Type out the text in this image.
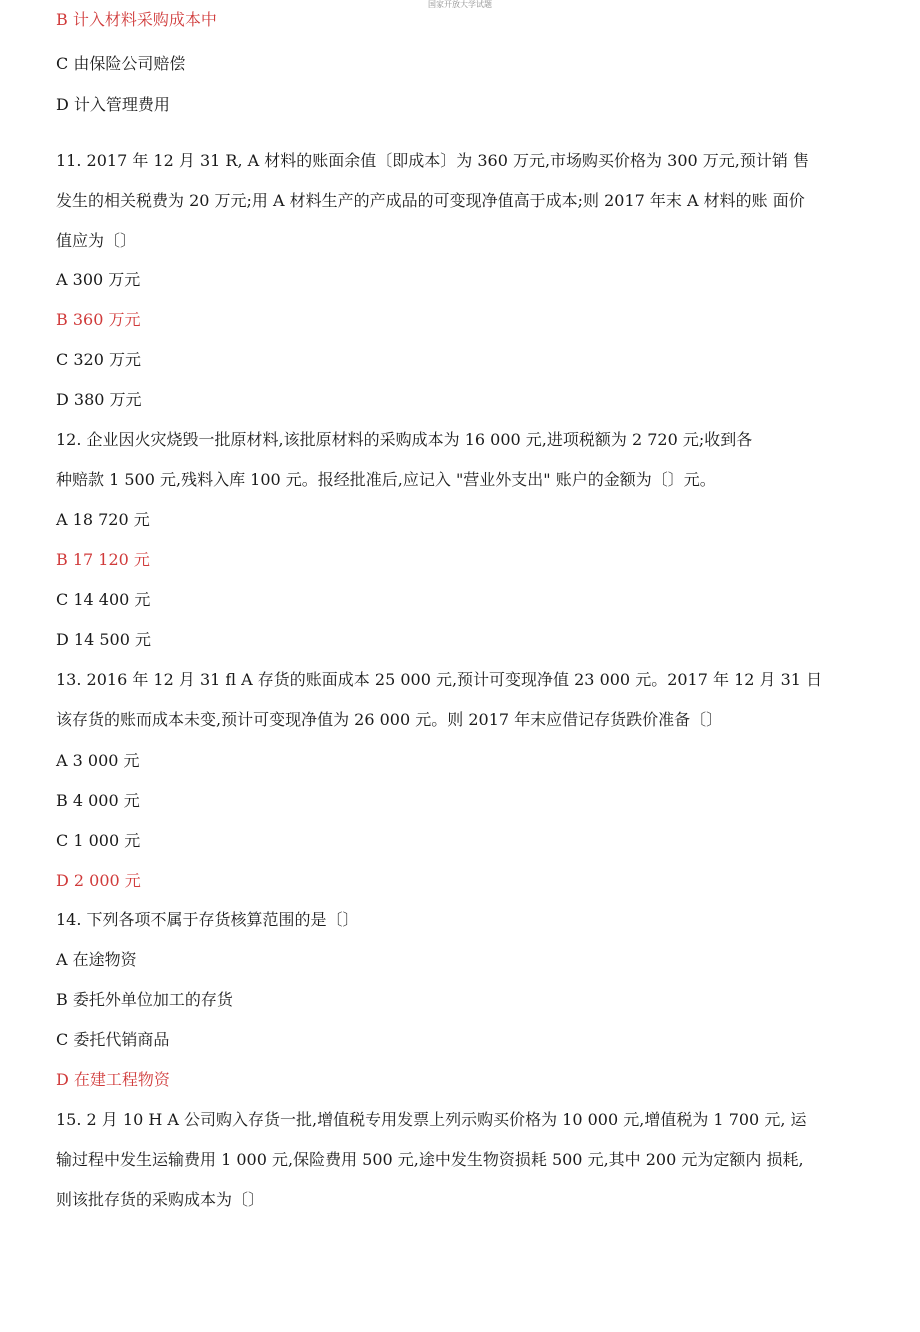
国家开放大学试题
B 计入材料采购成本中
C 由保险公司赔偿
D 计入管理费用
11. 2017 年 12 月 31 R, A 材料的账面余值〔即成本〕为 360 万元,市场购买价格为 300 万元,预计销 售
发生的相关税费为 20 万元;用 A 材料生产的产成品的可变现净值高于成本;则 2017 年末 A 材料的账 面价
值应为〔〕
A 300 万元
B 360 万元
C 320 万元
D 380 万元
12. 企业因火灾烧毁一批原材料,该批原材料的采购成本为 16 000 元,进项税额为 2 720 元;收到各
种赔款 1 500 元,残料入库 100 元。报经批准后,应记入 "营业外支出" 账户的金额为〔〕元。
A 18 720 元
B 17 120 元
C 14 400 元
D 14 500 元
13. 2016 年 12 月 31 fl A 存货的账面成本 25 000 元,预计可变现净值 23 000 元。2017 年 12 月 31 日
该存货的账而成本未变,预计可变现净值为 26 000 元。则 2017 年末应借记存货跌价准备〔〕
A 3 000 元
B 4 000 元
C 1 000 元
D 2 000 元
14. 下列各项不属于存货核算范围的是〔〕
A 在途物资
B 委托外单位加工的存货
C 委托代销商品
D 在建工程物资
15. 2 月 10 H A 公司购入存货一批,增值税专用发票上列示购买价格为 10 000 元,增值税为 1 700 元, 运
输过程中发生运输费用 1 000 元,保险费用 500 元,途中发生物资损耗 500 元,其中 200 元为定额内 损耗,
则该批存货的采购成本为〔〕
